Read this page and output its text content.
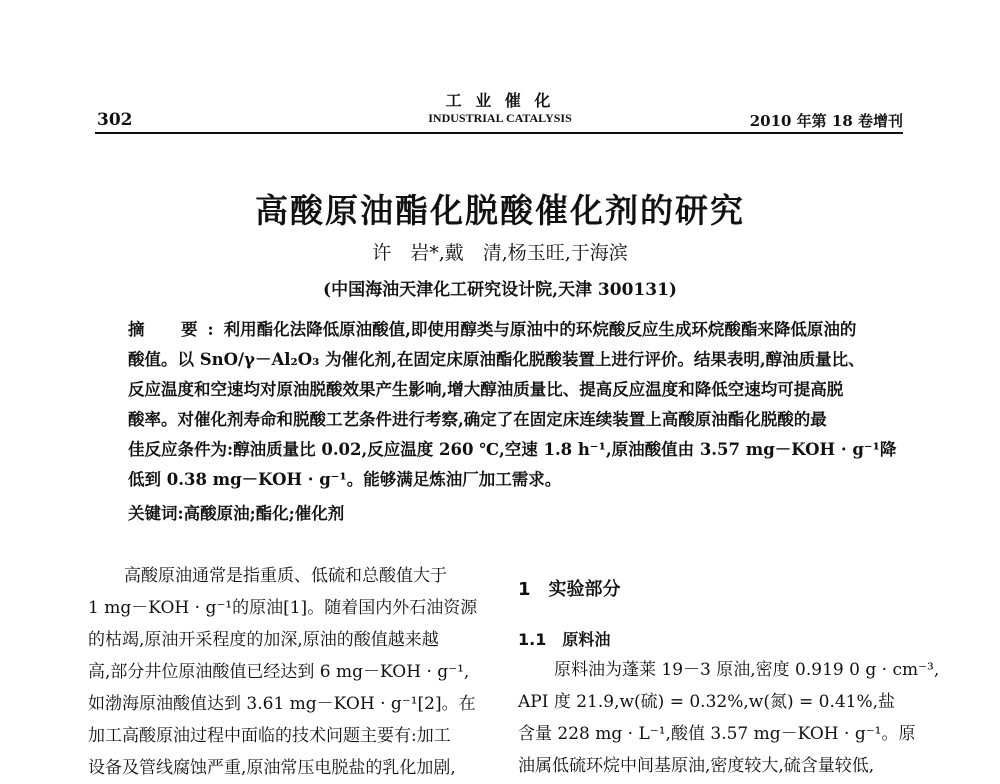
302
工 业 催 化
INDUSTRIAL CATALYSIS	2010 年第 18 卷增刊
高酸原油酯化脱酸催化剂的研究
许　岩*,戴　清,杨玉旺,于海滨
(中国海油天津化工研究设计院,天津 300131)

摘　要:利用酯化法降低原油酸值,即使用醇类与原油中的环烷酸反应生成环烷酸酯来降低原油的

酸值。以 SnO/γ－Al₂O₃ 为催化剂,在固定床原油酯化脱酸装置上进行评价。结果表明,醇油质量比、

反应温度和空速均对原油脱酸效果产生影响,增大醇油质量比、提高反应温度和降低空速均可提高脱

酸率。对催化剂寿命和脱酸工艺条件进行考察,确定了在固定床连续装置上高酸原油酯化脱酸的最

佳反应条件为:醇油质量比 0.02,反应温度 260 ℃,空速 1.8 h⁻¹,原油酸值由 3.57 mg－KOH · g⁻¹降

低到 0.38 mg－KOH · g⁻¹。能够满足炼油厂加工需求。

关键词:高酸原油;酯化;催化剂

高酸原油通常是指重质、低硫和总酸值大于

1 mg－KOH · g⁻¹的原油[1]。随着国内外石油资源

的枯竭,原油开采程度的加深,原油的酸值越来越

高,部分井位原油酸值已经达到 6 mg－KOH · g⁻¹,

如渤海原油酸值达到 3.61 mg－KOH · g⁻¹[2]。在

加工高酸原油过程中面临的技术问题主要有:加工

设备及管线腐蚀严重,原油常压电脱盐的乳化加剧,

1　实验部分
1.1　原料油

原料油为蓬莱 19－3 原油,密度 0.919 0 g · cm⁻³,

API 度 21.9,w(硫) = 0.32%,w(氮) = 0.41%,盐

含量 228 mg · L⁻¹,酸值 3.57 mg－KOH · g⁻¹。原

油属低硫环烷中间基原油,密度较大,硫含量较低,
